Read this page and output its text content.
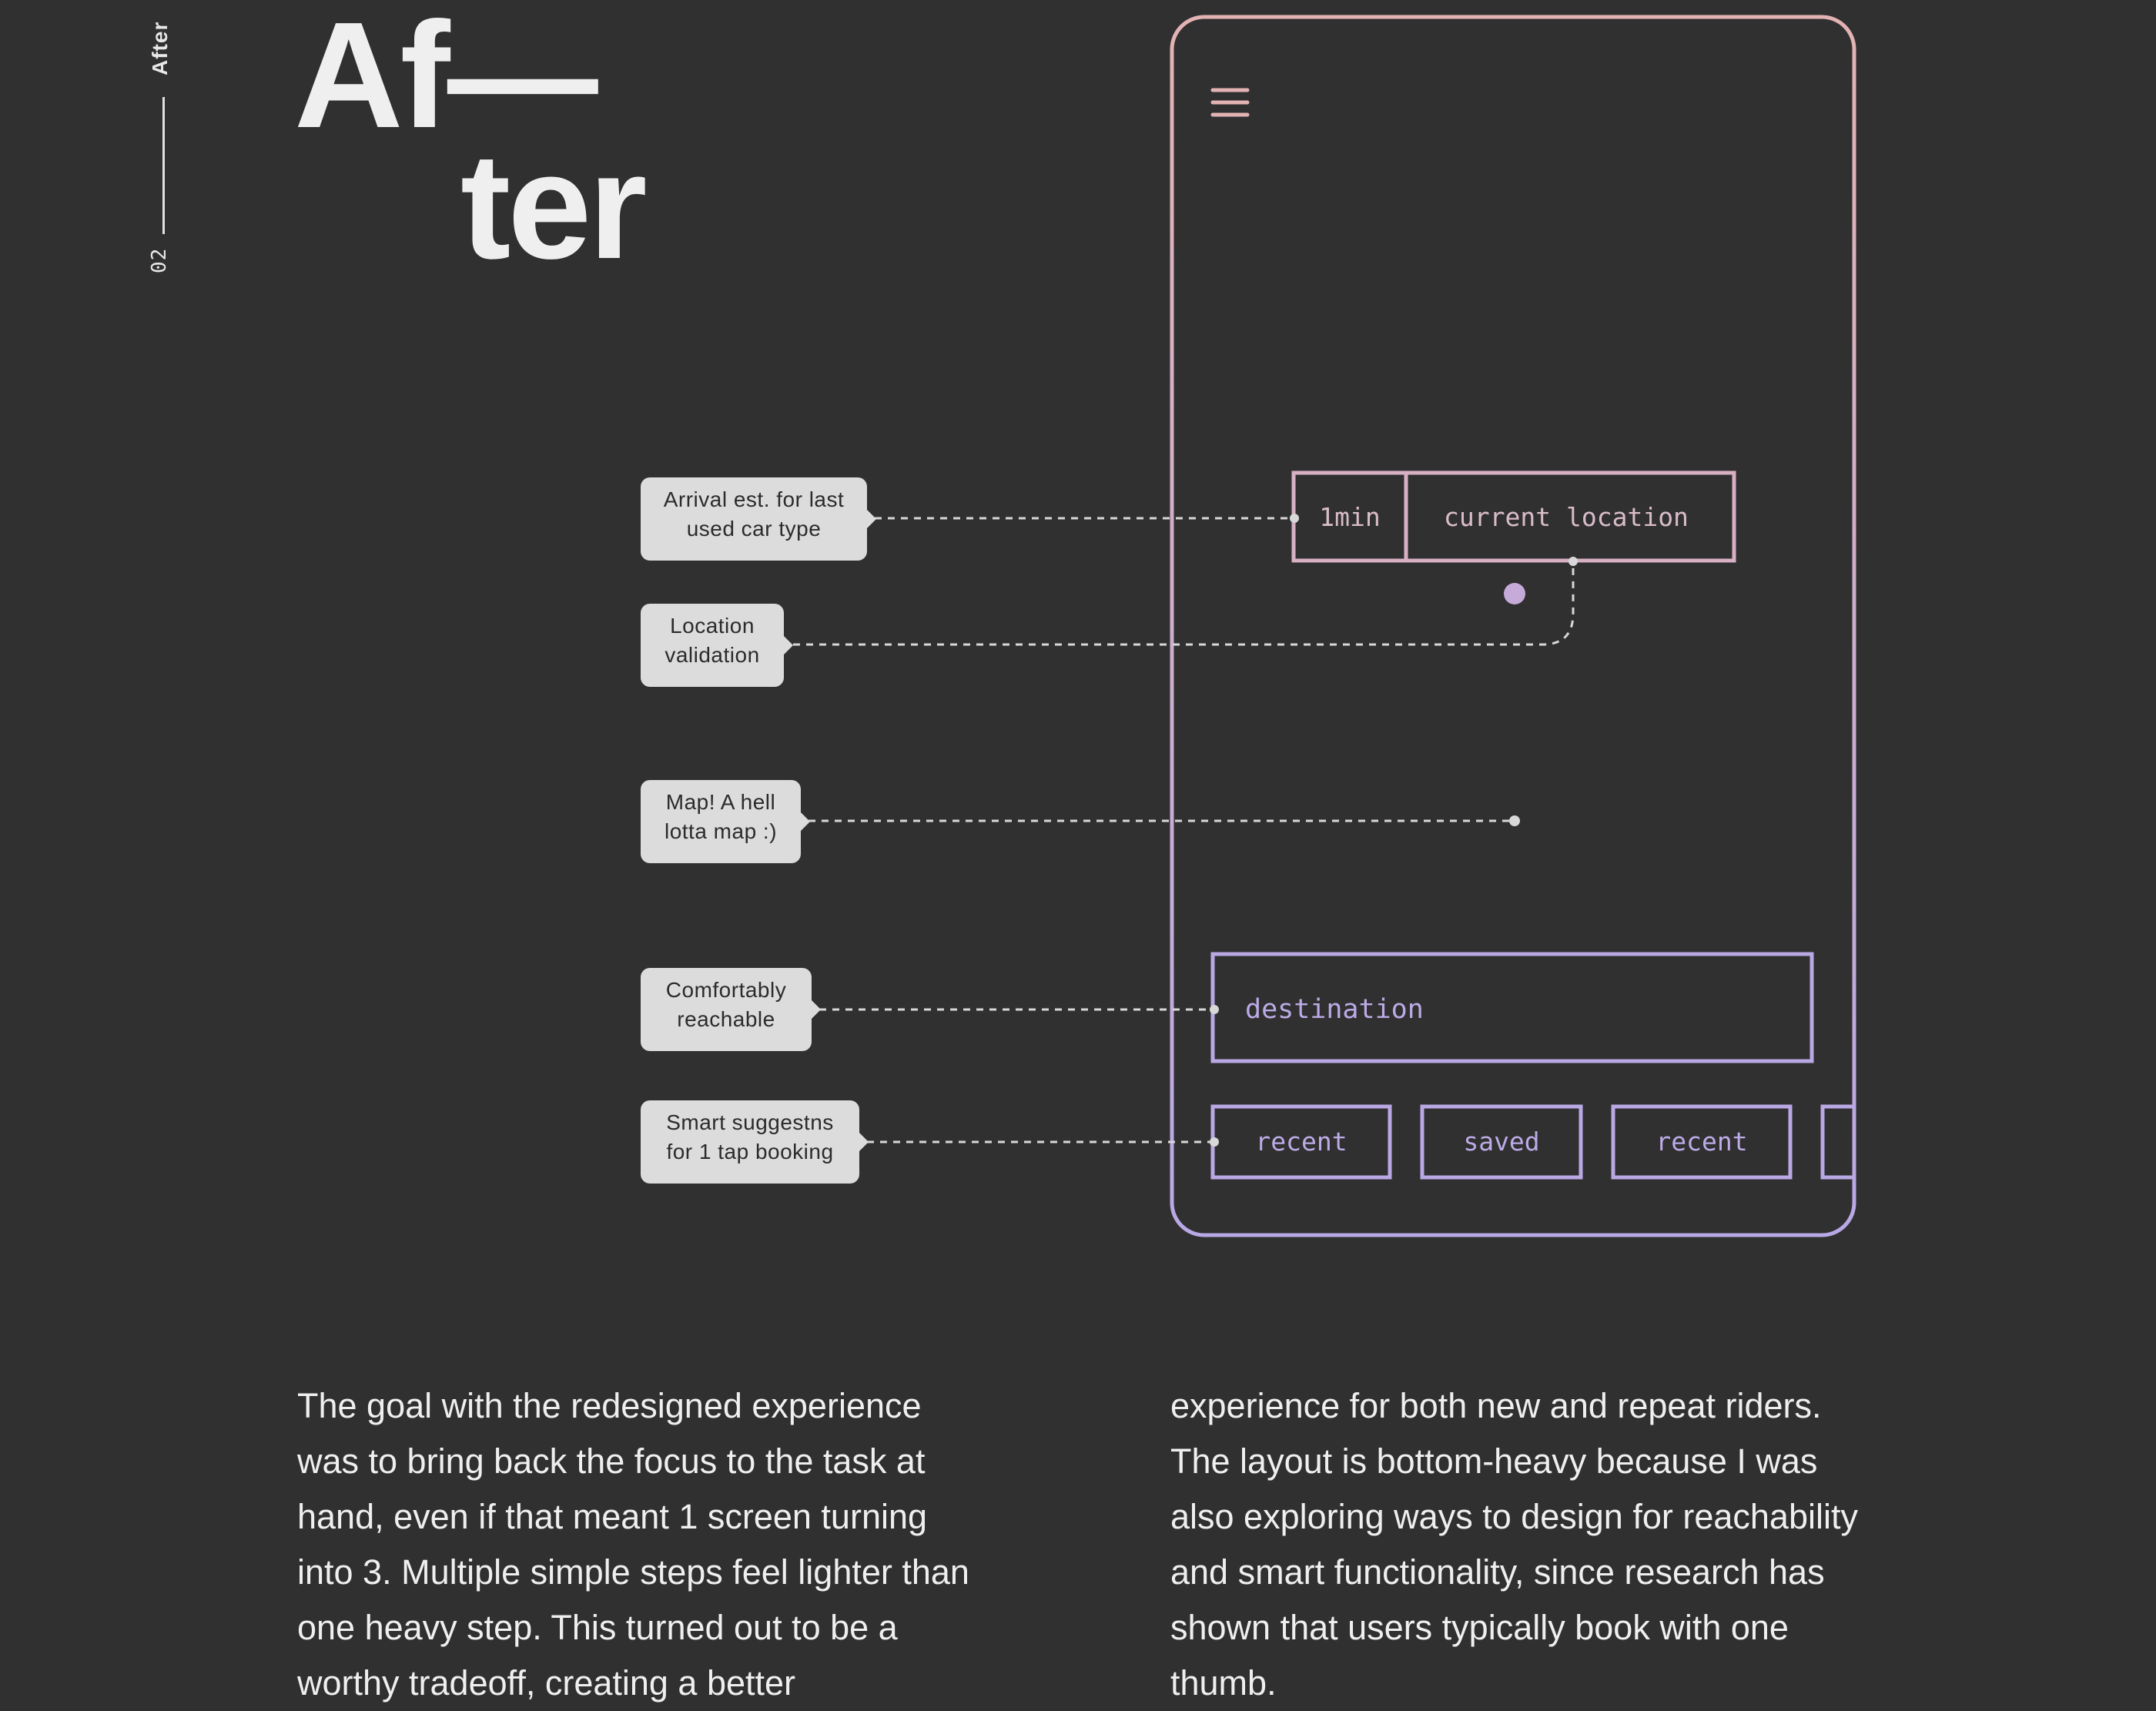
After
02
Af—
ter
1min current location
destination
recent	saved	recent
Arrival est. for last
used car type
Location
validation
Map! A hell
lotta map :)
Comfortably
reachable
Smart suggestns
for 1 tap booking

The goal with the redesigned experience was to bring back the focus to the task at hand, even if that meant 1 screen turning into 3. Multiple simple steps feel lighter than one heavy step. This turned out to be a worthy tradeoff, creating a better

experience for both new and repeat riders. The layout is bottom-heavy because I was also exploring ways to design for reachability and smart functionality, since research has shown that users typically book with one thumb.
